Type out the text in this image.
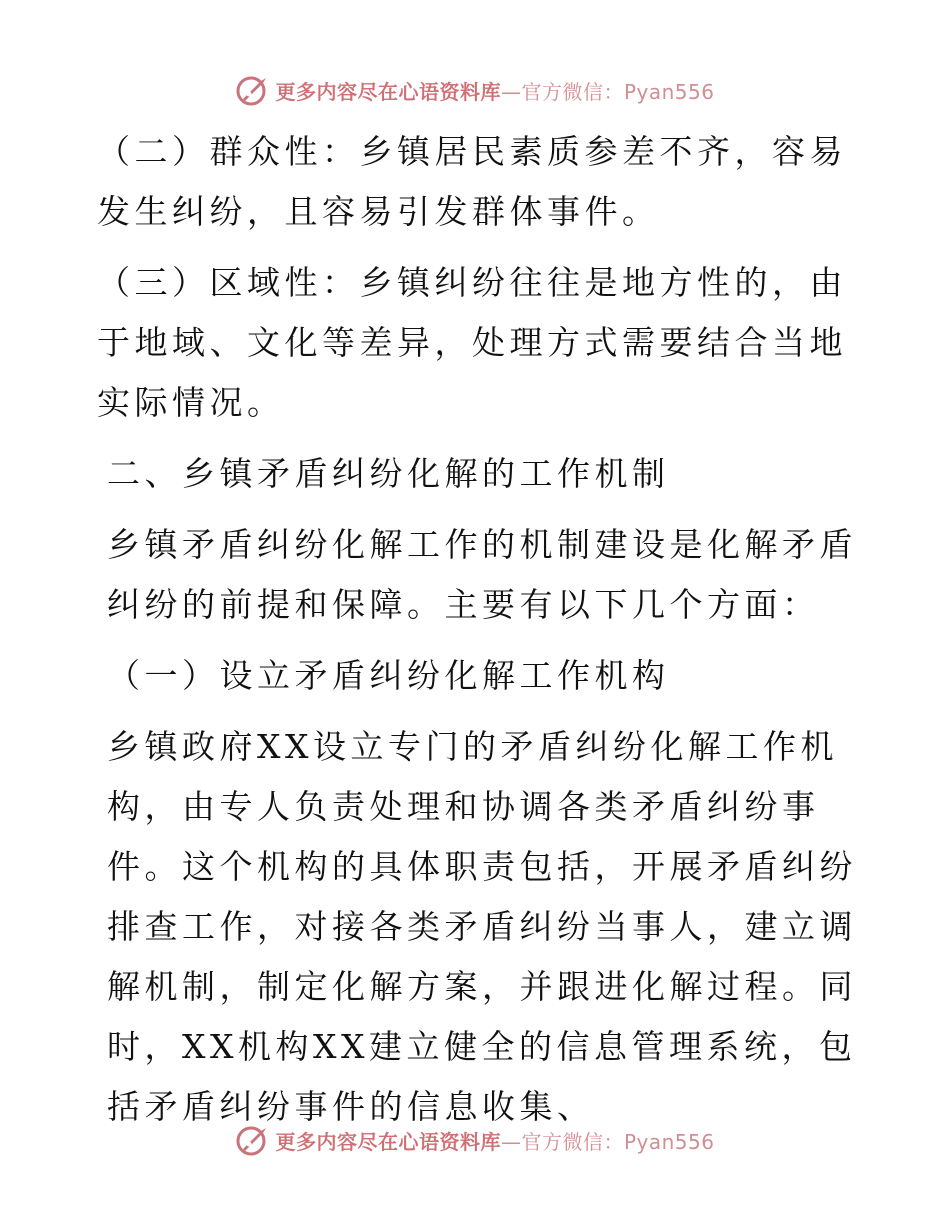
更多内容尽在心语资料库—官方微信：Pyan556

（二）群众性：乡镇居民素质参差不齐，容易发生纠纷，且容易引发群体事件。

（三）区域性：乡镇纠纷往往是地方性的，由于地域、文化等差异，处理方式需要结合当地实际情况。

二、乡镇矛盾纠纷化解的工作机制

乡镇矛盾纠纷化解工作的机制建设是化解矛盾纠纷的前提和保障。主要有以下几个方面：

（一）设立矛盾纠纷化解工作机构

乡镇政府XX设立专门的矛盾纠纷化解工作机构，由专人负责处理和协调各类矛盾纠纷事件。这个机构的具体职责包括，开展矛盾纠纷排查工作，对接各类矛盾纠纷当事人，建立调解机制，制定化解方案，并跟进化解过程。同时，XX机构XX建立健全的信息管理系统，包括矛盾纠纷事件的信息收集、

更多内容尽在心语资料库—官方微信：Pyan556
